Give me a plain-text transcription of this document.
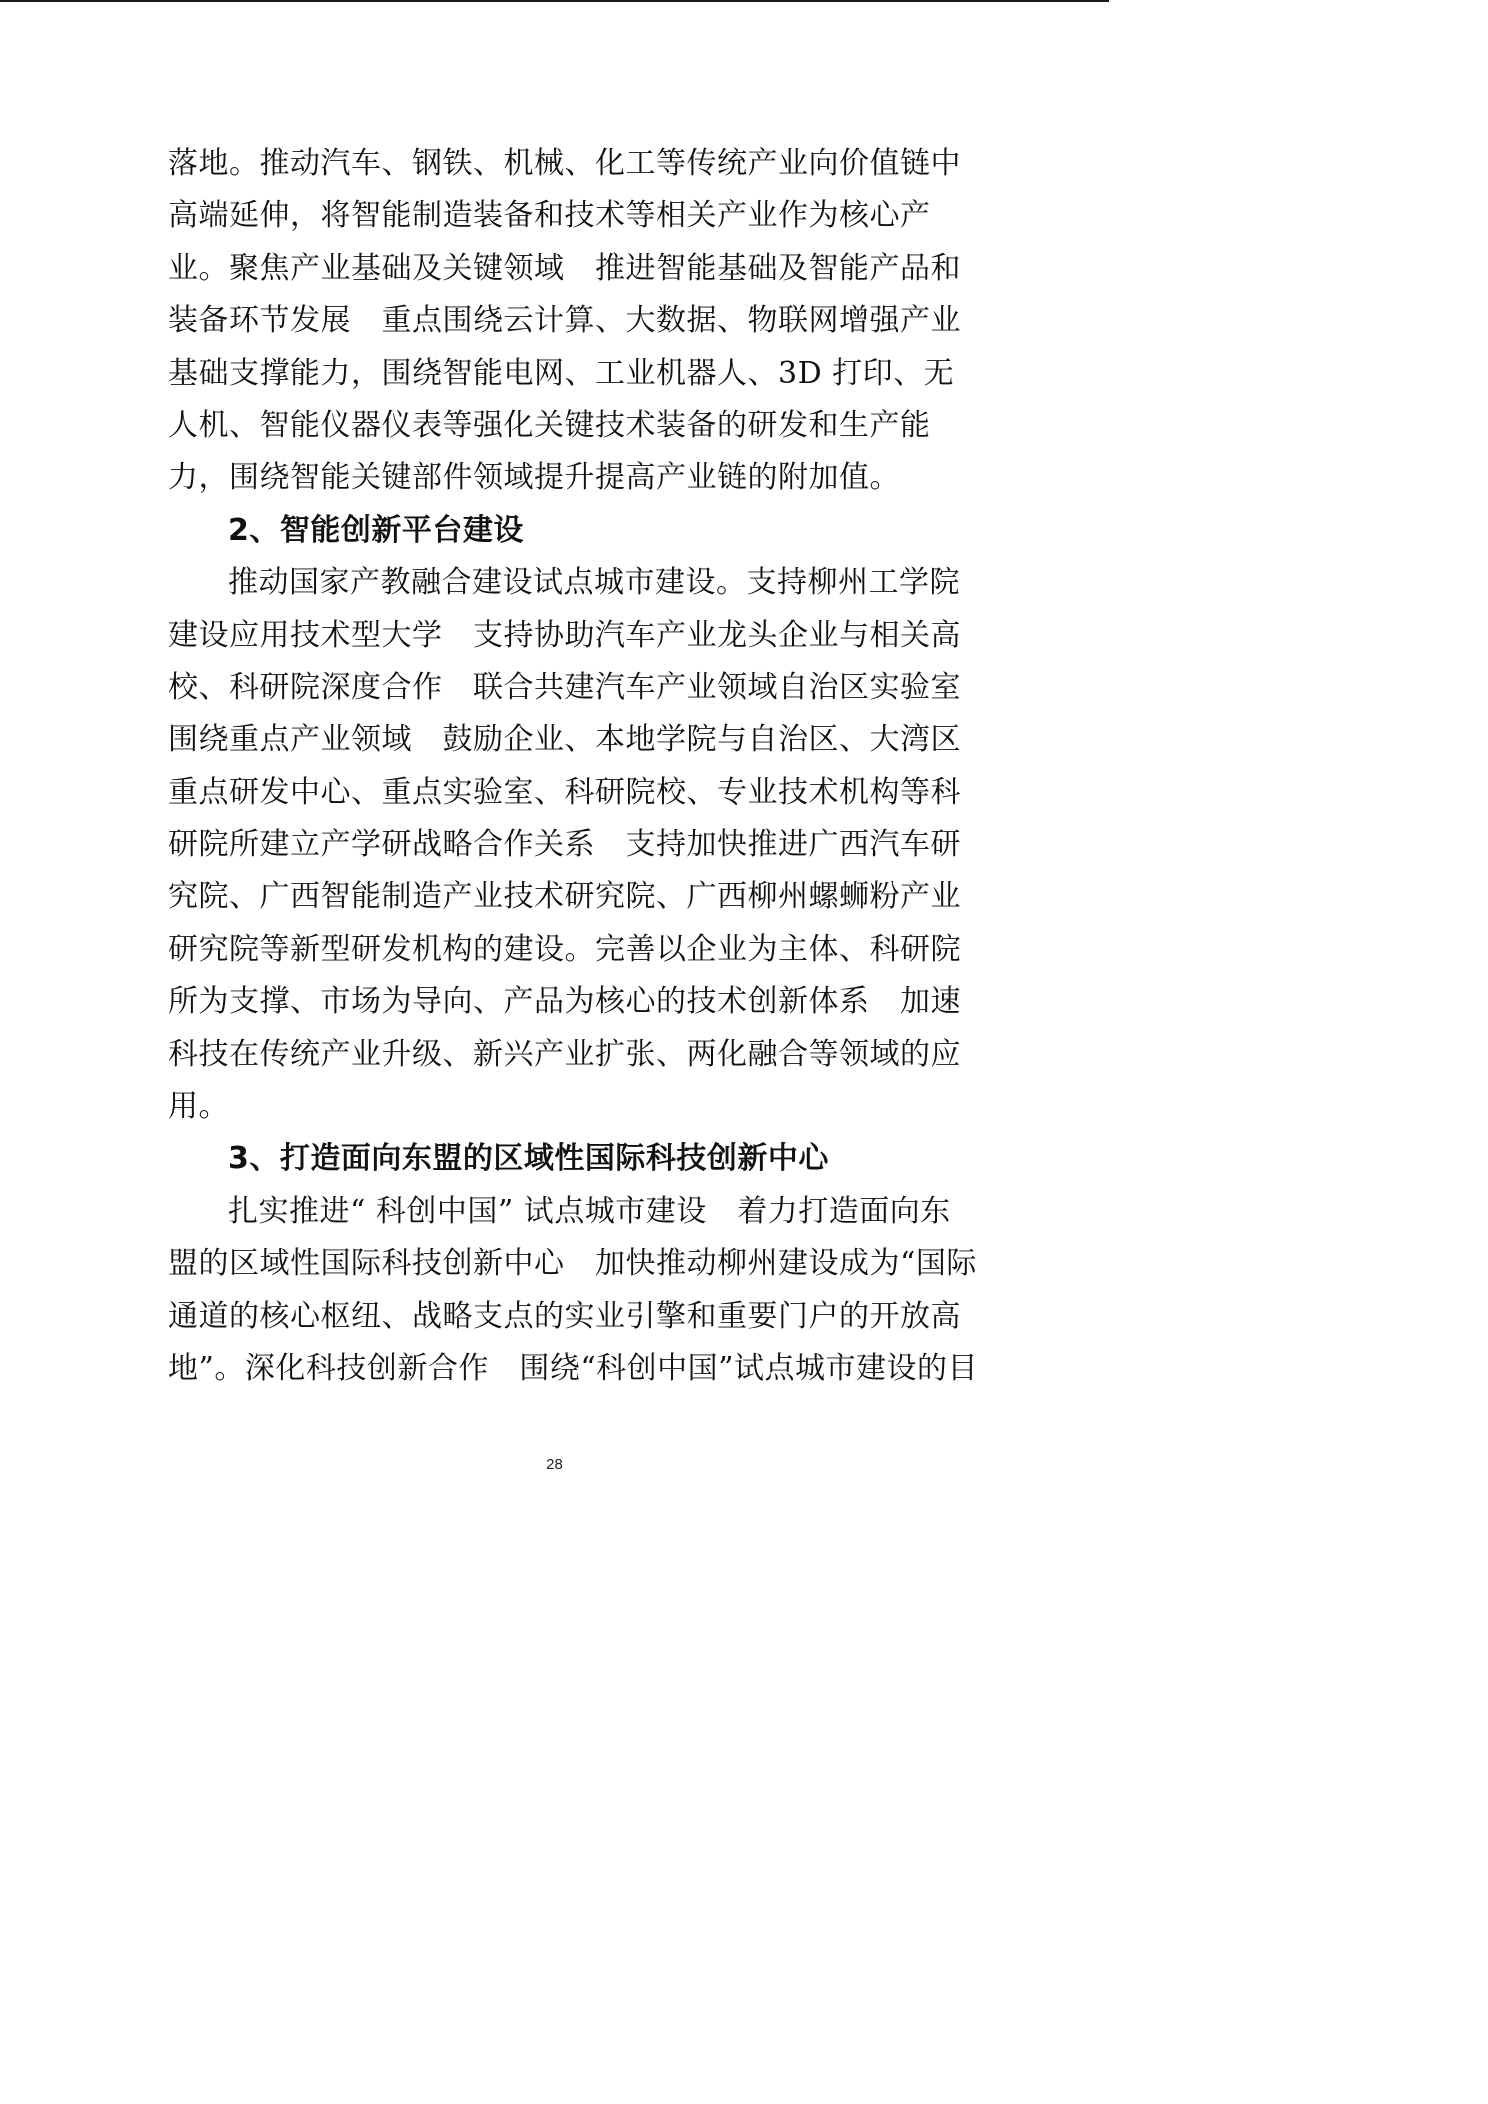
落地。推动汽车、钢铁、机械、化工等传统产业向价值链中
高端延伸，将智能制造装备和技术等相关产业作为核心产
业。聚焦产业基础及关键领域　推进智能基础及智能产品和
装备环节发展　重点围绕云计算、大数据、物联网增强产业
基础支撑能力，围绕智能电网、工业机器人、3D 打印、无
人机、智能仪器仪表等强化关键技术装备的研发和生产能
力，围绕智能关键部件领域提升提高产业链的附加值。
2、智能创新平台建设
推动国家产教融合建设试点城市建设。支持柳州工学院
建设应用技术型大学　支持协助汽车产业龙头企业与相关高
校、科研院深度合作　联合共建汽车产业领域自治区实验室
围绕重点产业领域　鼓励企业、本地学院与自治区、大湾区
重点研发中心、重点实验室、科研院校、专业技术机构等科
研院所建立产学研战略合作关系　支持加快推进广西汽车研
究院、广西智能制造产业技术研究院、广西柳州螺蛳粉产业
研究院等新型研发机构的建设。完善以企业为主体、科研院
所为支撑、市场为导向、产品为核心的技术创新体系　加速
科技在传统产业升级、新兴产业扩张、两化融合等领域的应
用。
3、打造面向东盟的区域性国际科技创新中心
扎实推进“ 科创中国” 试点城市建设　着力打造面向东
盟的区域性国际科技创新中心　加快推动柳州建设成为“国际
通道的核心枢纽、战略支点的实业引擎和重要门户的开放高
地”。深化科技创新合作　围绕“科创中国”试点城市建设的目
28
